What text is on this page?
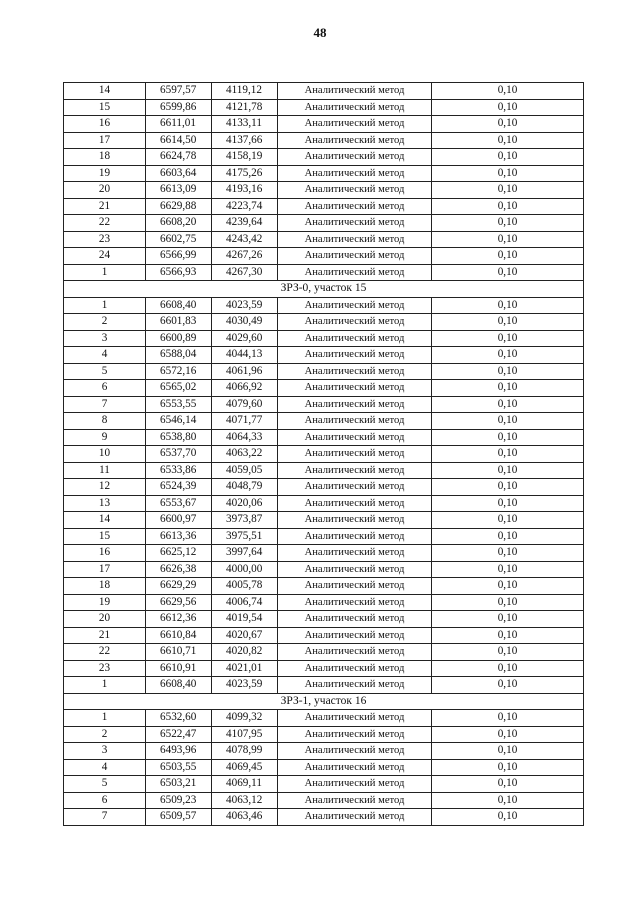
48
14	6597,57	4119,12	Аналитический метод	0,10
15	6599,86	4121,78	Аналитический метод	0,10
16	6611,01	4133,11	Аналитический метод	0,10
17	6614,50	4137,66	Аналитический метод	0,10
18	6624,78	4158,19	Аналитический метод	0,10
19	6603,64	4175,26	Аналитический метод	0,10
20	6613,09	4193,16	Аналитический метод	0,10
21	6629,88	4223,74	Аналитический метод	0,10
22	6608,20	4239,64	Аналитический метод	0,10
23	6602,75	4243,42	Аналитический метод	0,10
24	6566,99	4267,26	Аналитический метод	0,10
1	6566,93	4267,30	Аналитический метод	0,10
ЗРЗ-0, участок 15				
1	6608,40	4023,59	Аналитический метод	0,10
2	6601,83	4030,49	Аналитический метод	0,10
3	6600,89	4029,60	Аналитический метод	0,10
4	6588,04	4044,13	Аналитический метод	0,10
5	6572,16	4061,96	Аналитический метод	0,10
6	6565,02	4066,92	Аналитический метод	0,10
7	6553,55	4079,60	Аналитический метод	0,10
8	6546,14	4071,77	Аналитический метод	0,10
9	6538,80	4064,33	Аналитический метод	0,10
10	6537,70	4063,22	Аналитический метод	0,10
11	6533,86	4059,05	Аналитический метод	0,10
12	6524,39	4048,79	Аналитический метод	0,10
13	6553,67	4020,06	Аналитический метод	0,10
14	6600,97	3973,87	Аналитический метод	0,10
15	6613,36	3975,51	Аналитический метод	0,10
16	6625,12	3997,64	Аналитический метод	0,10
17	6626,38	4000,00	Аналитический метод	0,10
18	6629,29	4005,78	Аналитический метод	0,10
19	6629,56	4006,74	Аналитический метод	0,10
20	6612,36	4019,54	Аналитический метод	0,10
21	6610,84	4020,67	Аналитический метод	0,10
22	6610,71	4020,82	Аналитический метод	0,10
23	6610,91	4021,01	Аналитический метод	0,10
1	6608,40	4023,59	Аналитический метод	0,10
ЗРЗ-1, участок 16				
1	6532,60	4099,32	Аналитический метод	0,10
2	6522,47	4107,95	Аналитический метод	0,10
3	6493,96	4078,99	Аналитический метод	0,10
4	6503,55	4069,45	Аналитический метод	0,10
5	6503,21	4069,11	Аналитический метод	0,10
6	6509,23	4063,12	Аналитический метод	0,10
7	6509,57	4063,46	Аналитический метод	0,10
